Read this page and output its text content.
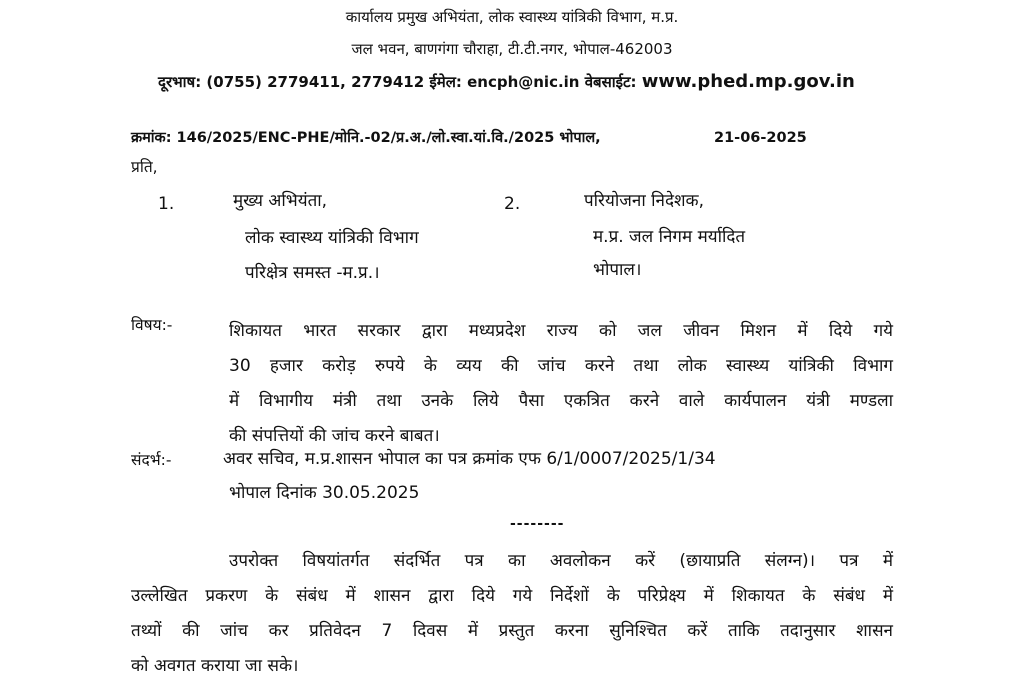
कार्यालय प्रमुख अभियंता, लोक स्वास्थ्य यांत्रिकी विभाग, म.प्र.
जल भवन, बाणगंगा चौराहा, टी.टी.नगर, भोपाल-462003
दूरभाष: (0755) 2779411, 2779412 ईमेल: encph@nic.in वेबसाईट: www.phed.mp.gov.in
क्रमांक: 146/2025/ENC-PHE/मोनि.-02/प्र.अ./लो.स्वा.यां.वि./2025 भोपाल,	21-06-2025
प्रति,
1.	मुख्य अभियंता,
लोक स्वास्थ्य यांत्रिकी विभाग
परिक्षेत्र समस्त -म.प्र.।
2.	परियोजना निदेशक,
म.प्र. जल निगम मर्यादित
भोपाल।
विषय:-	शिकायत भारत सरकार द्वारा मध्यप्रदेश राज्य को जल जीवन मिशन में दिये गये
30 हजार करोड़ रुपये के व्यय की जांच करने तथा लोक स्वास्थ्य यांत्रिकी विभाग
में विभागीय मंत्री तथा उनके लिये पैसा एकत्रित करने वाले कार्यपालन यंत्री मण्डला
की संपत्तियों की जांच करने बाबत।
संदर्भ:-	अवर सचिव, म.प्र.शासन भोपाल का पत्र क्रमांक एफ 6/1/0007/2025/1/34
भोपाल दिनांक 30.05.2025
--------
उपरोक्त विषयांतर्गत संदर्भित पत्र का अवलोकन करें (छायाप्रति संलग्न)। पत्र में
उल्लेखित प्रकरण के संबंध में शासन द्वारा दिये गये निर्देशों के परिप्रेक्ष्य में शिकायत के संबंध में
तथ्यों की जांच कर प्रतिवेदन 7 दिवस में प्रस्तुत करना सुनिश्चित करें ताकि तदानुसार शासन
को अवगत कराया जा सके।
